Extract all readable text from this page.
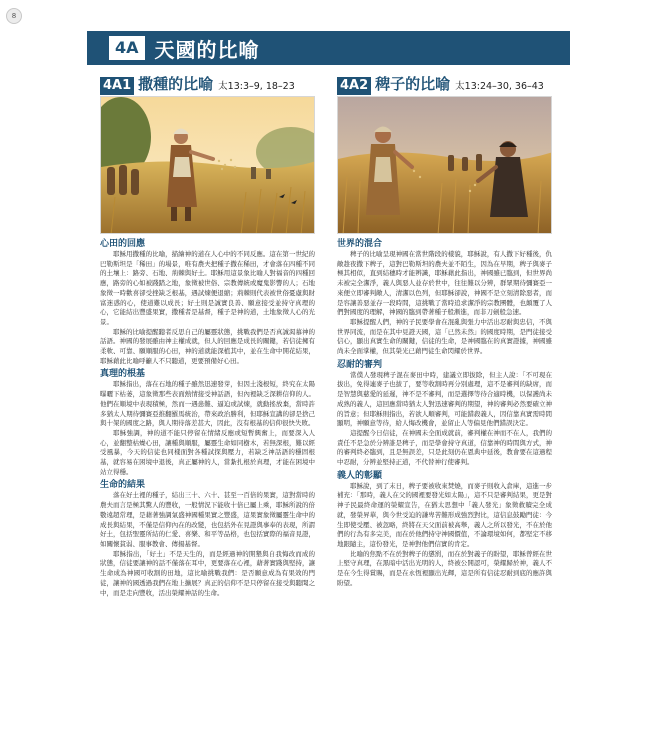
8
4A 天國的比喻
4A1 撒種的比喻 太13:3–9, 18–23
心田的回應

耶穌用撒種的比喻，描繪神的道在人心中的不同反應。這在第一世紀的巴勒斯坦是「稀田」的場景，唯有農夫把種子撒在稀田，才會落在四種不同的土壤上：路旁、石地、荊棘與好土。耶穌用這景象比喻人對福音的四種回應，路旁的心如被踐踏之地，象徵被世俗、宗教傳統或魔鬼影響的人；石地象徵一時歡喜卻受挫缺乏根基，遇試煉便退縮；荊棘則代表被世俗憂慮與財富迷惑的心，使道難以成長；好土則是誠實良善、願意接受並持守真理的心，它能結出豐盛果實，撒種者是基督，種子是神的道，土地象徵人心的光景。

耶穌的比喻提醒聽者反思自己的屬靈狀態，挑戰我們是否真誠渴慕神的話語。神國的發展雖由神主權成就，但人的回應是成長的關鍵，若信徒擁有柔軟、可靠、願順服的心田，神的道就能深植其中，並在生命中開花結果，耶穌藉此比喻呼籲人不只聽道，更要預備好心田。

真理的根基

耶穌指出，落在石地的種子雖然迅速發芽，但因土淺根短，終究在太陽曝曬下枯萎，這象徵那些表面熱情接受神話語，但內裡缺乏深耕信仰的人。他們在順境中表現積極，然而一遇患難、逼迫或試煉，就動搖放棄，當時許多猶太人期待彌賽亞推翻羅馬統治，帶來政治勝利，但耶穌宣講的卻是捨己與十架的國度之路，與人期待落差甚大，因此，沒有根基的信仰很快失敗。

耶穌強調，神的道不能只停留在情緒反應或短暫興奮上，而要深入人心，並翻整枯燥心田，讓種與順服，屬靈生命如同樹木，若無深根，難以經受風暴，今天的信徒也同樣面對各種試探與壓力，若缺乏神話語的穩固根基，就容易在困境中退後，真正屬神的人，當紮扎根於真理，才能在困境中站立得穩。

生命的結果

落在好土裡的種子，結出三十、六十、甚至一百倍的果實，這對當時的農夫而言是極其驚人的豐收，一般情況下能收十倍已屬上乘，耶穌所說的倍數遠超常理，是藉著強調氣盛神國種果實之豐盛，這果實象徵屬靈生命中的成長與結果，不僅是信仰內在的改變，也包括外在見證與事奉的表現，所謂好土，包括聖靈所結的仁愛、喜樂、和平等品格，也包括實際的福音見證，如關懷貧弱、服事教會、傳揚基督。

耶穌指出，「好土」不是天生的，而是經過神的開墾與自我悔改而成的狀態，信徒要讓神的話不僅落在耳中，更要落在心裡，藉著實踐與堅持，讓生命成為神國可收割的田地，這比喻挑戰我們：是否願意成為有果效的門徒，讓神的國透過我們在地上擴展？真正的信仰不是只停留在接受與聽聞之中，而是走向豐收，活出榮耀神話的生命。

4A2 稗子的比喻 太13:24–30, 36–43
世界的混合

稗子的比喻呈現神國在當世階段的樣貌，耶穌說，有人撒下好種後，仇敵趁夜撒下稗子，這對巴勒斯坦的農夫並不陌生，因為在早期，稗子與麥子極其相似，直到結穗時才能辨識，耶穌藉此指出，神國雖已臨到，但世界尚未被完全潔淨，義人與惡人並存於世中，往往難以分辨，群眾期待彌賽亞一來便立即審判敵人，清潔以色列，但耶穌卻說，神國不是立刻清除惡者，而是容讓善惡並存一段時間，這挑戰了當時追求潔淨的宗教團體，也顛覆了人們對國度的理解，神國的臨到帶著種子般漸進，而非刀劍般急速。

耶穌提醒人們，神的子民要學會在混亂與張力中活出忍耐與忠信，不與世界同流，而是在其中見證天國，這「已然未然」的國度時期，是門徒接受信心，顯出真實生命的關鍵，信徒的生命，是神國臨在的真實證據，神國雖尚未全面掌權，但其榮光已藉門徒生命閃耀於世界。

忍耐的審判

當僕人發現稗子混在麥田中時，建議立即拔除，但主人說：「不可現在拔出，免得連麥子也拔了，要等收割時再分別處理，這不是審判的缺席，而是智慧與慈愛的延遲，神不是不審判，而是選擇等待合適時機，以保護尚未成熟的義人，這回應當時猶太人對迅速審判的期望，神的審判必然要確立神的旨意；但耶穌則指出，若欲人順審判，可能錯殺義人，因信靠真實需時間顯明，神願意等待，給人悔改機會，並留止人等偏見他們錯誤決定。

這提醒今日信徒，在神國未全面成就前，審判權在神而不在人，我們的責任不是急於分辨誰是稗子，而是學會持守真道，信靠神的時間與方式，神的審判終必臨到，且是無誤差，只是此刻仍在恩典中延後，教會要在這過程中忍耐，分辨並堅持正道，不代替神行使審判。

義人的彰顯

耶穌說，到了末日，稗子要被收來焚燒，而麥子則收入倉庫，這進一步補充：「那時，義人在父的國裡要發光如太陽」，這不只是審判結果，更是對神子民最終命運的榮耀宣告，在猶太思想中「義人發光」象徵救贖完全成就，發榮昇華，與今世受迫的謙卑苦難形成強烈對比，這信息鼓勵門徒：今生即使受壓、被忽略，終將在天父面前被高舉，義人之所以發光，不在於他們的行為有多完美，而在於他們持守神國價值，不論環境如何，都堅定不移地跟隨主，這份發光，是神對他們信實的肯定。

比喻的焦點不在於對稗子的懲罰，而在於對義子的盼望，耶穌曾經在世上堅守真理，在黑暗中活出光明的人，終被公開認可，榮耀歸於神，義人不是在今生得賞賜，而是在永恆裡顯出光輝，這是所有信徒忍耐到底的應許與盼望。
